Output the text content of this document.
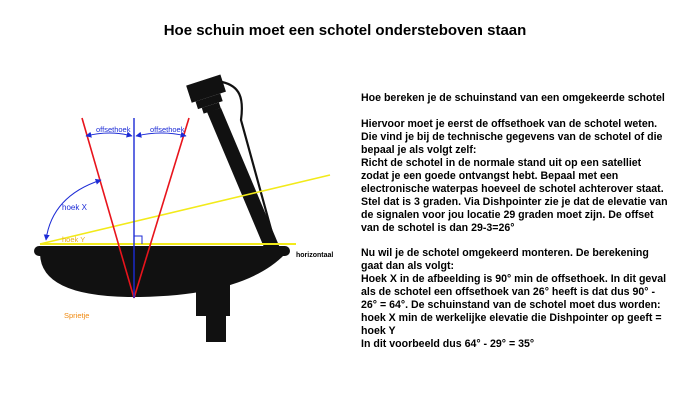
Hoe schuin moet een schotel ondersteboven staan
offsethoek	offsethoek
hoek X
hoek Y
horizontaal
Sprietje

Hoe bereken je de schuinstand van een omgekeerde schotel

Hiervoor moet je eerst de offsethoek van de schotel weten.
Die vind je bij de technische gegevens van de schotel of die
bepaal je als volgt zelf:
Richt de schotel in de normale stand uit op een satelliet
zodat je een goede ontvangst hebt. Bepaal met een
electronische waterpas hoeveel de schotel achterover staat.
Stel dat is 3 graden. Via Dishpointer zie je dat de elevatie van
de signalen voor jou locatie 29 graden moet zijn. De offset
van de schotel is dan 29-3=26°

Nu wil je de schotel omgekeerd monteren. De berekening
gaat dan als volgt:
Hoek X in de afbeelding is 90° min de offsethoek. In dit geval
als de schotel een offsethoek van 26° heeft is dat dus 90° -
26° = 64°. De schuinstand van de schotel moet dus worden:
hoek X min de werkelijke elevatie die Dishpointer op geeft =
hoek Y
In dit voorbeeld dus 64° - 29° = 35°
